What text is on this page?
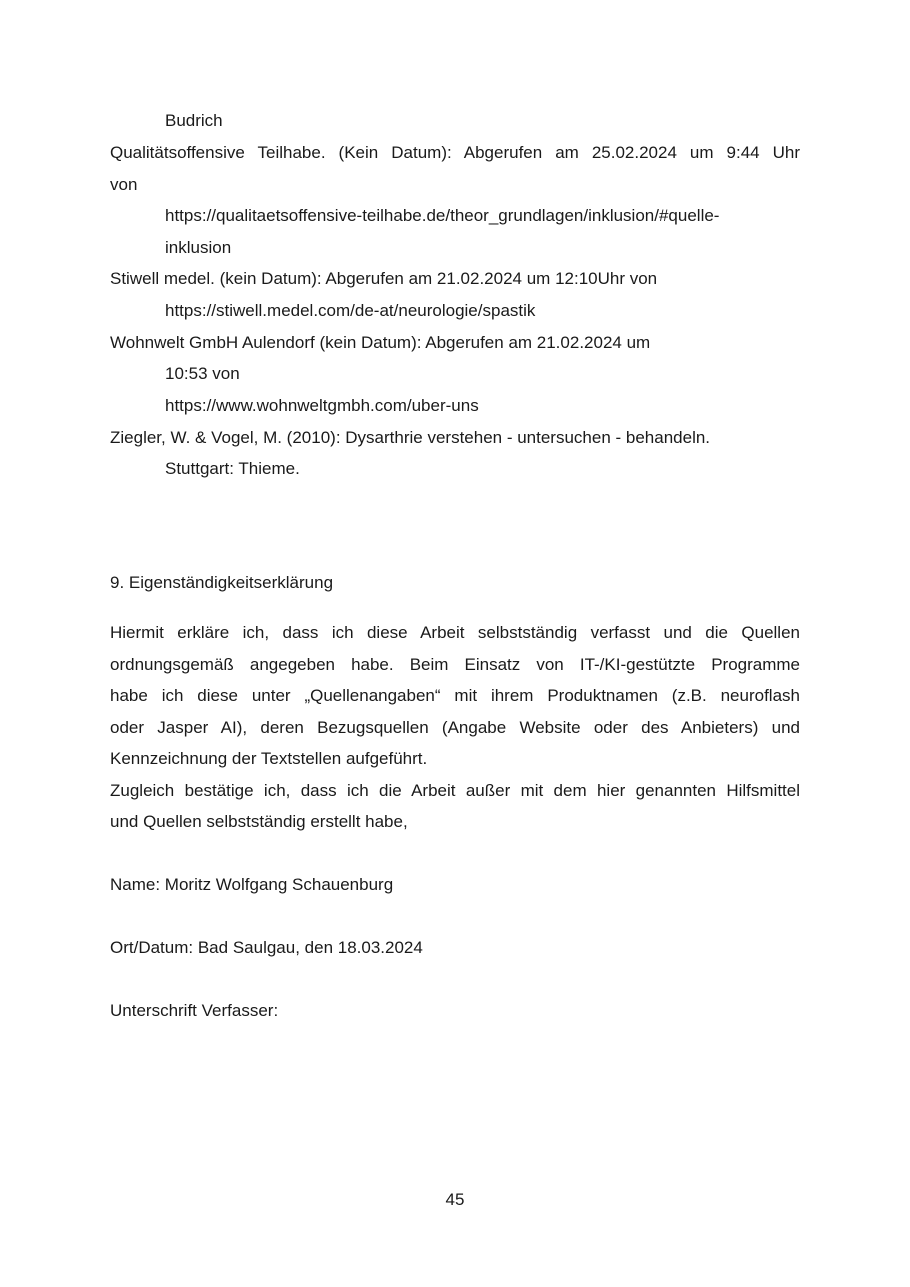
Budrich
Qualitätsoffensive Teilhabe. (Kein Datum): Abgerufen am 25.02.2024 um 9:44 Uhr
von
https://qualitaetsoffensive-teilhabe.de/theor_grundlagen/inklusion/#quelle-
inklusion
Stiwell medel. (kein Datum): Abgerufen am 21.02.2024 um 12:10Uhr von
https://stiwell.medel.com/de-at/neurologie/spastik
Wohnwelt GmbH Aulendorf (kein Datum): Abgerufen am 21.02.2024 um
10:53 von
https://www.wohnweltgmbh.com/uber-uns
Ziegler, W. & Vogel, M. (2010): Dysarthrie verstehen - untersuchen - behandeln.
Stuttgart: Thieme.
9. Eigenständigkeitserklärung
Hiermit erkläre ich, dass ich diese Arbeit selbstständig verfasst und die Quellen
ordnungsgemäß angegeben habe. Beim Einsatz von IT-/KI-gestützte Programme
habe ich diese unter „Quellenangaben“ mit ihrem Produktnamen (z.B. neuroflash
oder Jasper AI), deren Bezugsquellen (Angabe Website oder des Anbieters) und
Kennzeichnung der Textstellen aufgeführt.
Zugleich bestätige ich, dass ich die Arbeit außer mit dem hier genannten Hilfsmittel
und Quellen selbstständig erstellt habe,
Name: Moritz Wolfgang Schauenburg
Ort/Datum: Bad Saulgau, den 18.03.2024
Unterschrift Verfasser:
45
